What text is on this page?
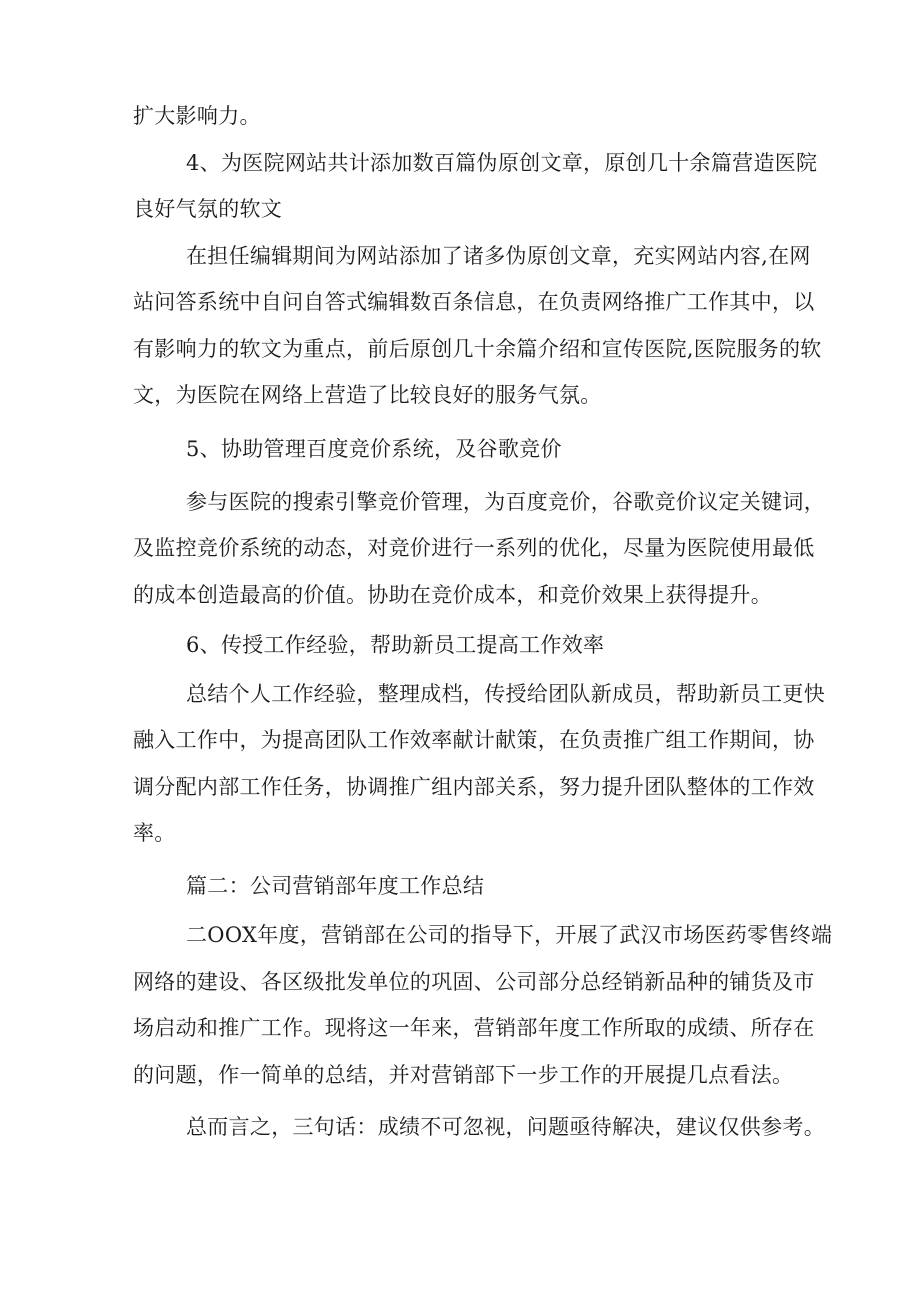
扩大影响力。
4、为医院网站共计添加数百篇伪原创文章，原创几十余篇营造医院
良好气氛的软文
在担任编辑期间为网站添加了诸多伪原创文章，充实网站内容,在网
站问答系统中自问自答式编辑数百条信息，在负责网络推广工作其中，以
有影响力的软文为重点，前后原创几十余篇介绍和宣传医院,医院服务的软
文，为医院在网络上营造了比较良好的服务气氛。
5、协助管理百度竞价系统，及谷歌竞价
参与医院的搜索引擎竞价管理，为百度竞价，谷歌竞价议定关键词，
及监控竞价系统的动态，对竞价进行一系列的优化，尽量为医院使用最低
的成本创造最高的价值。协助在竞价成本，和竞价效果上获得提升。
6、传授工作经验，帮助新员工提高工作效率
总结个人工作经验，整理成档，传授给团队新成员，帮助新员工更快
融入工作中，为提高团队工作效率献计献策，在负责推广组工作期间，协
调分配内部工作任务，协调推广组内部关系，努力提升团队整体的工作效
率。
篇二：公司营销部年度工作总结
二OOX年度，营销部在公司的指导下，开展了武汉市场医药零售终端
网络的建设、各区级批发单位的巩固、公司部分总经销新品种的铺货及市
场启动和推广工作。现将这一年来，营销部年度工作所取的成绩、所存在
的问题，作一简单的总结，并对营销部下一步工作的开展提几点看法。
总而言之，三句话：成绩不可忽视，问题亟待解决，建议仅供参考。
